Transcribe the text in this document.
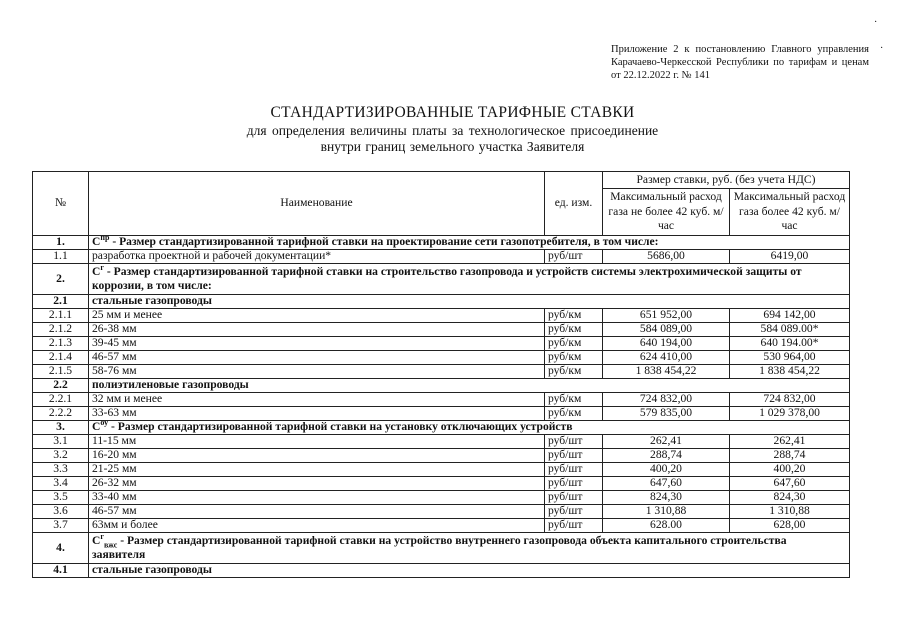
Приложение 2 к постановлению Главного управления Карачаево-Черкесской Республики по тарифам и ценам от 22.12.2022 г. № 141
·
·
СТАНДАРТИЗИРОВАННЫЕ ТАРИФНЫЕ СТАВКИ
для определения величины платы за технологическое присоединение
внутри границ земельного участка Заявителя
№	Наименование	ед. изм.	Размер ставки, руб. (без учета НДС)	
			Максимальный расход газа не более 42 куб. м/час	Максимальный расход газа более 42 куб. м/час
1.	$С^{пр}$ - Размер стандартизированной тарифной ставки на проектирование сети газопотребителя, в том числе:			
1.1	разработка проектной и рабочей документации*	руб/шт	5686,00	6419,00
2.	$С^г$ - Размер стандартизированной тарифной ставки на строительство газопровода и устройств системы электрохимической защиты от коррозии, в том числе:			
2.1	стальные газопроводы			
2.1.1	25 мм и менее	руб/км	651 952,00	694 142,00
2.1.2	26-38 мм	руб/км	584 089,00	584 089.00*
2.1.3	39-45 мм	руб/км	640 194,00	640 194.00*
2.1.4	46-57 мм	руб/км	624 410,00	530 964,00
2.1.5	58-76 мм	руб/км	1 838 454,22	1 838 454,22
2.2	полиэтиленовые газопроводы			
2.2.1	32 мм и менее	руб/км	724 832,00	724 832,00
2.2.2	33-63 мм	руб/км	579 835,00	1 029 378,00
3.	$С^{оу}$ - Размер стандартизированной тарифной ставки на установку отключающих устройств			
3.1	11-15 мм	руб/шт	262,41	262,41
3.2	16-20 мм	руб/шт	288,74	288,74
3.3	21-25 мм	руб/шт	400,20	400,20
3.4	26-32 мм	руб/шт	647,60	647,60
3.5	33-40 мм	руб/шт	824,30	824,30
3.6	46-57 мм	руб/шт	1 310,88	1 310,88
3.7	63мм и более	руб/шт	628.00	628,00
4.	$С^г_{вжс}$ - Размер стандартизированной тарифной ставки на устройство внутреннего газопровода объекта капитального строительства заявителя			
4.1	стальные газопроводы			
